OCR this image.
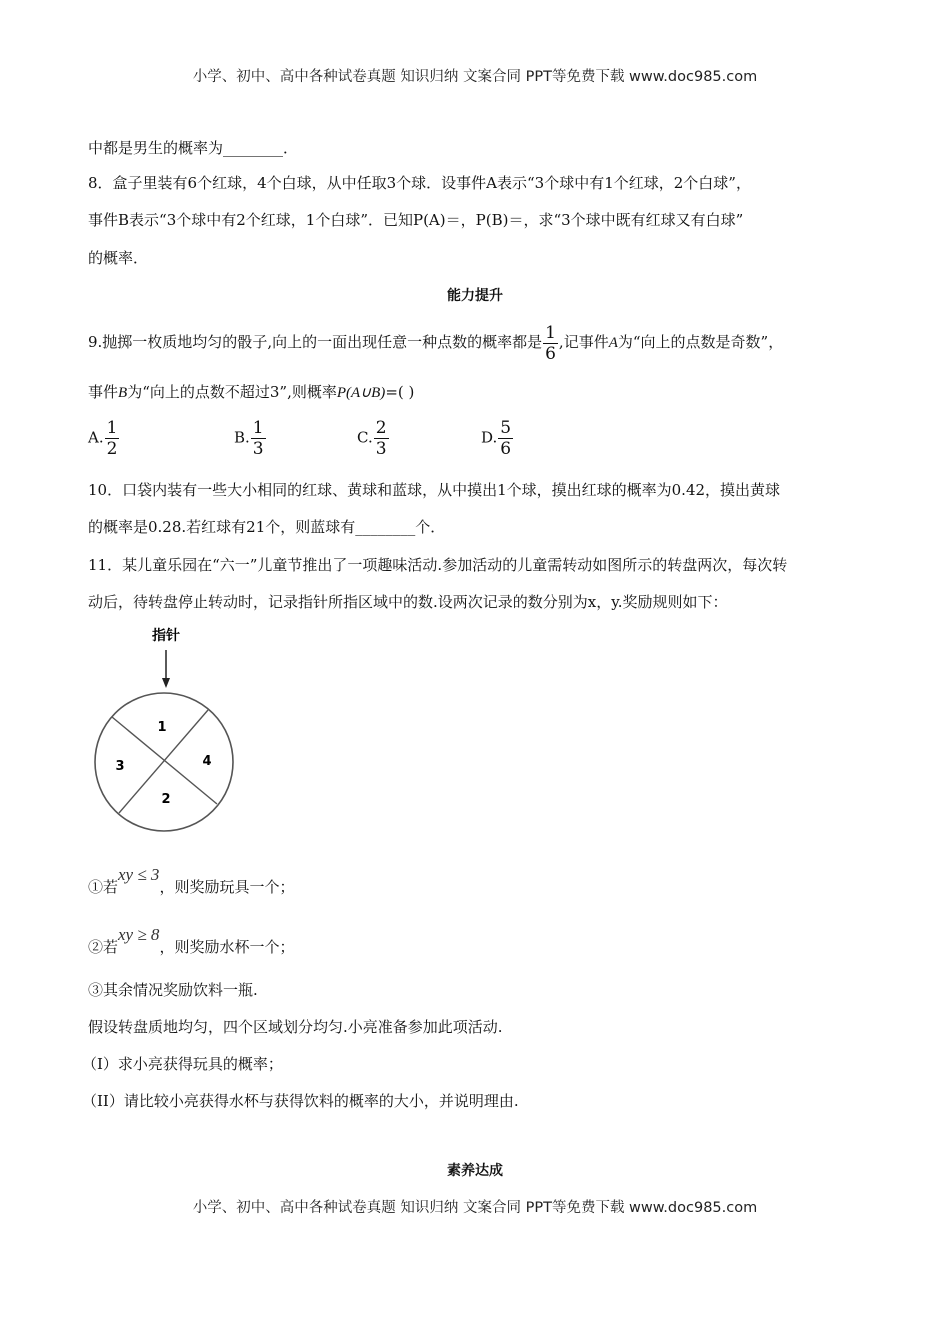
小学、初中、高中各种试卷真题 知识归纳 文案合同 PPT等免费下载 www.doc985.com
中都是男生的概率为________．
8．盒子里装有6个红球，4个白球，从中任取3个球．设事件A表示“3个球中有1个红球，2个白球”，
事件B表示“3个球中有2个红球，1个白球”．已知P(A)＝，P(B)＝，求“3个球中既有红球又有白球”
的概率．
能力提升
9.抛掷一枚质地均匀的骰子,向上的一面出现任意一种点数的概率都是 $\frac{1}{6}$ ,记事件A为“向上的点数是奇数”，
事件B为“向上的点数不超过3”,则概率P(A∪B)=( )
A. $\frac{1}{2}$	B. $\frac{1}{3}$	C. $\frac{2}{3}$	D. $\frac{5}{6}$
10．口袋内装有一些大小相同的红球、黄球和蓝球，从中摸出1个球，摸出红球的概率为0.42，摸出黄球
的概率是0.28.若红球有21个，则蓝球有________个．
11．某儿童乐园在“六一”儿童节推出了一项趣味活动.参加活动的儿童需转动如图所示的转盘两次，每次转
动后，待转盘停止转动时，记录指针所指区域中的数.设两次记录的数分别为x，y.奖励规则如下：
指针
1
2
3	4
①若xy ≤ 3，则奖励玩具一个；
②若xy ≥ 8，则奖励水杯一个；
③其余情况奖励饮料一瓶.
假设转盘质地均匀，四个区域划分均匀.小亮准备参加此项活动.
（I）求小亮获得玩具的概率；
（II）请比较小亮获得水杯与获得饮料的概率的大小，并说明理由.
素养达成
小学、初中、高中各种试卷真题 知识归纳 文案合同 PPT等免费下载 www.doc985.com
